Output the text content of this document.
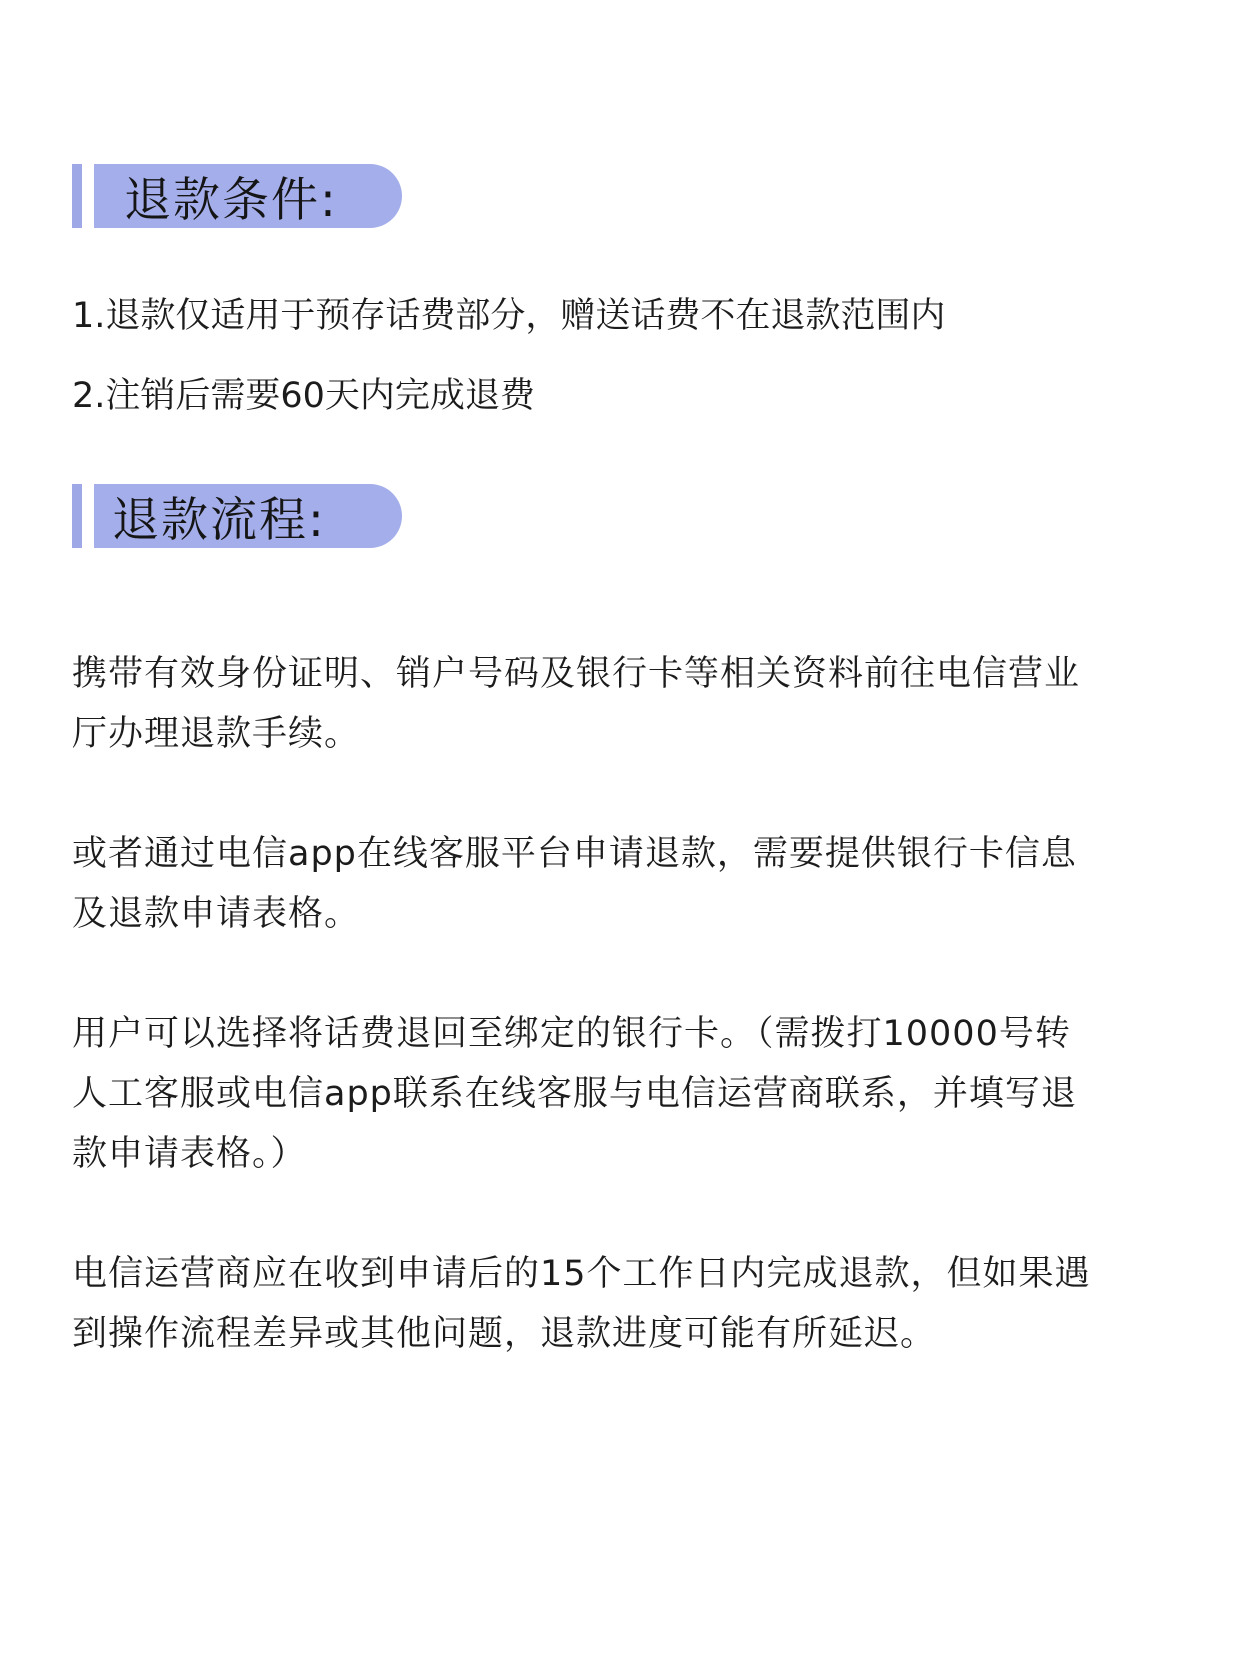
退款条件:
1.退款仅适用于预存话费部分，赠送话费不在退款范围内
2.注销后需要60天内完成退费
退款流程:

携带有效身份证明、销户号码及银行卡等相关资料前往电信营业厅办理退款手续。

或者通过电信app在线客服平台申请退款，需要提供银行卡信息及退款申请表格。

用户可以选择将话费退回至绑定的银行卡。（需拨打10000号转人工客服或电信app联系在线客服与电信运营商联系，并填写退款申请表格。）

电信运营商应在收到申请后的15个工作日内完成退款，但如果遇到操作流程差异或其他问题，退款进度可能有所延迟。
